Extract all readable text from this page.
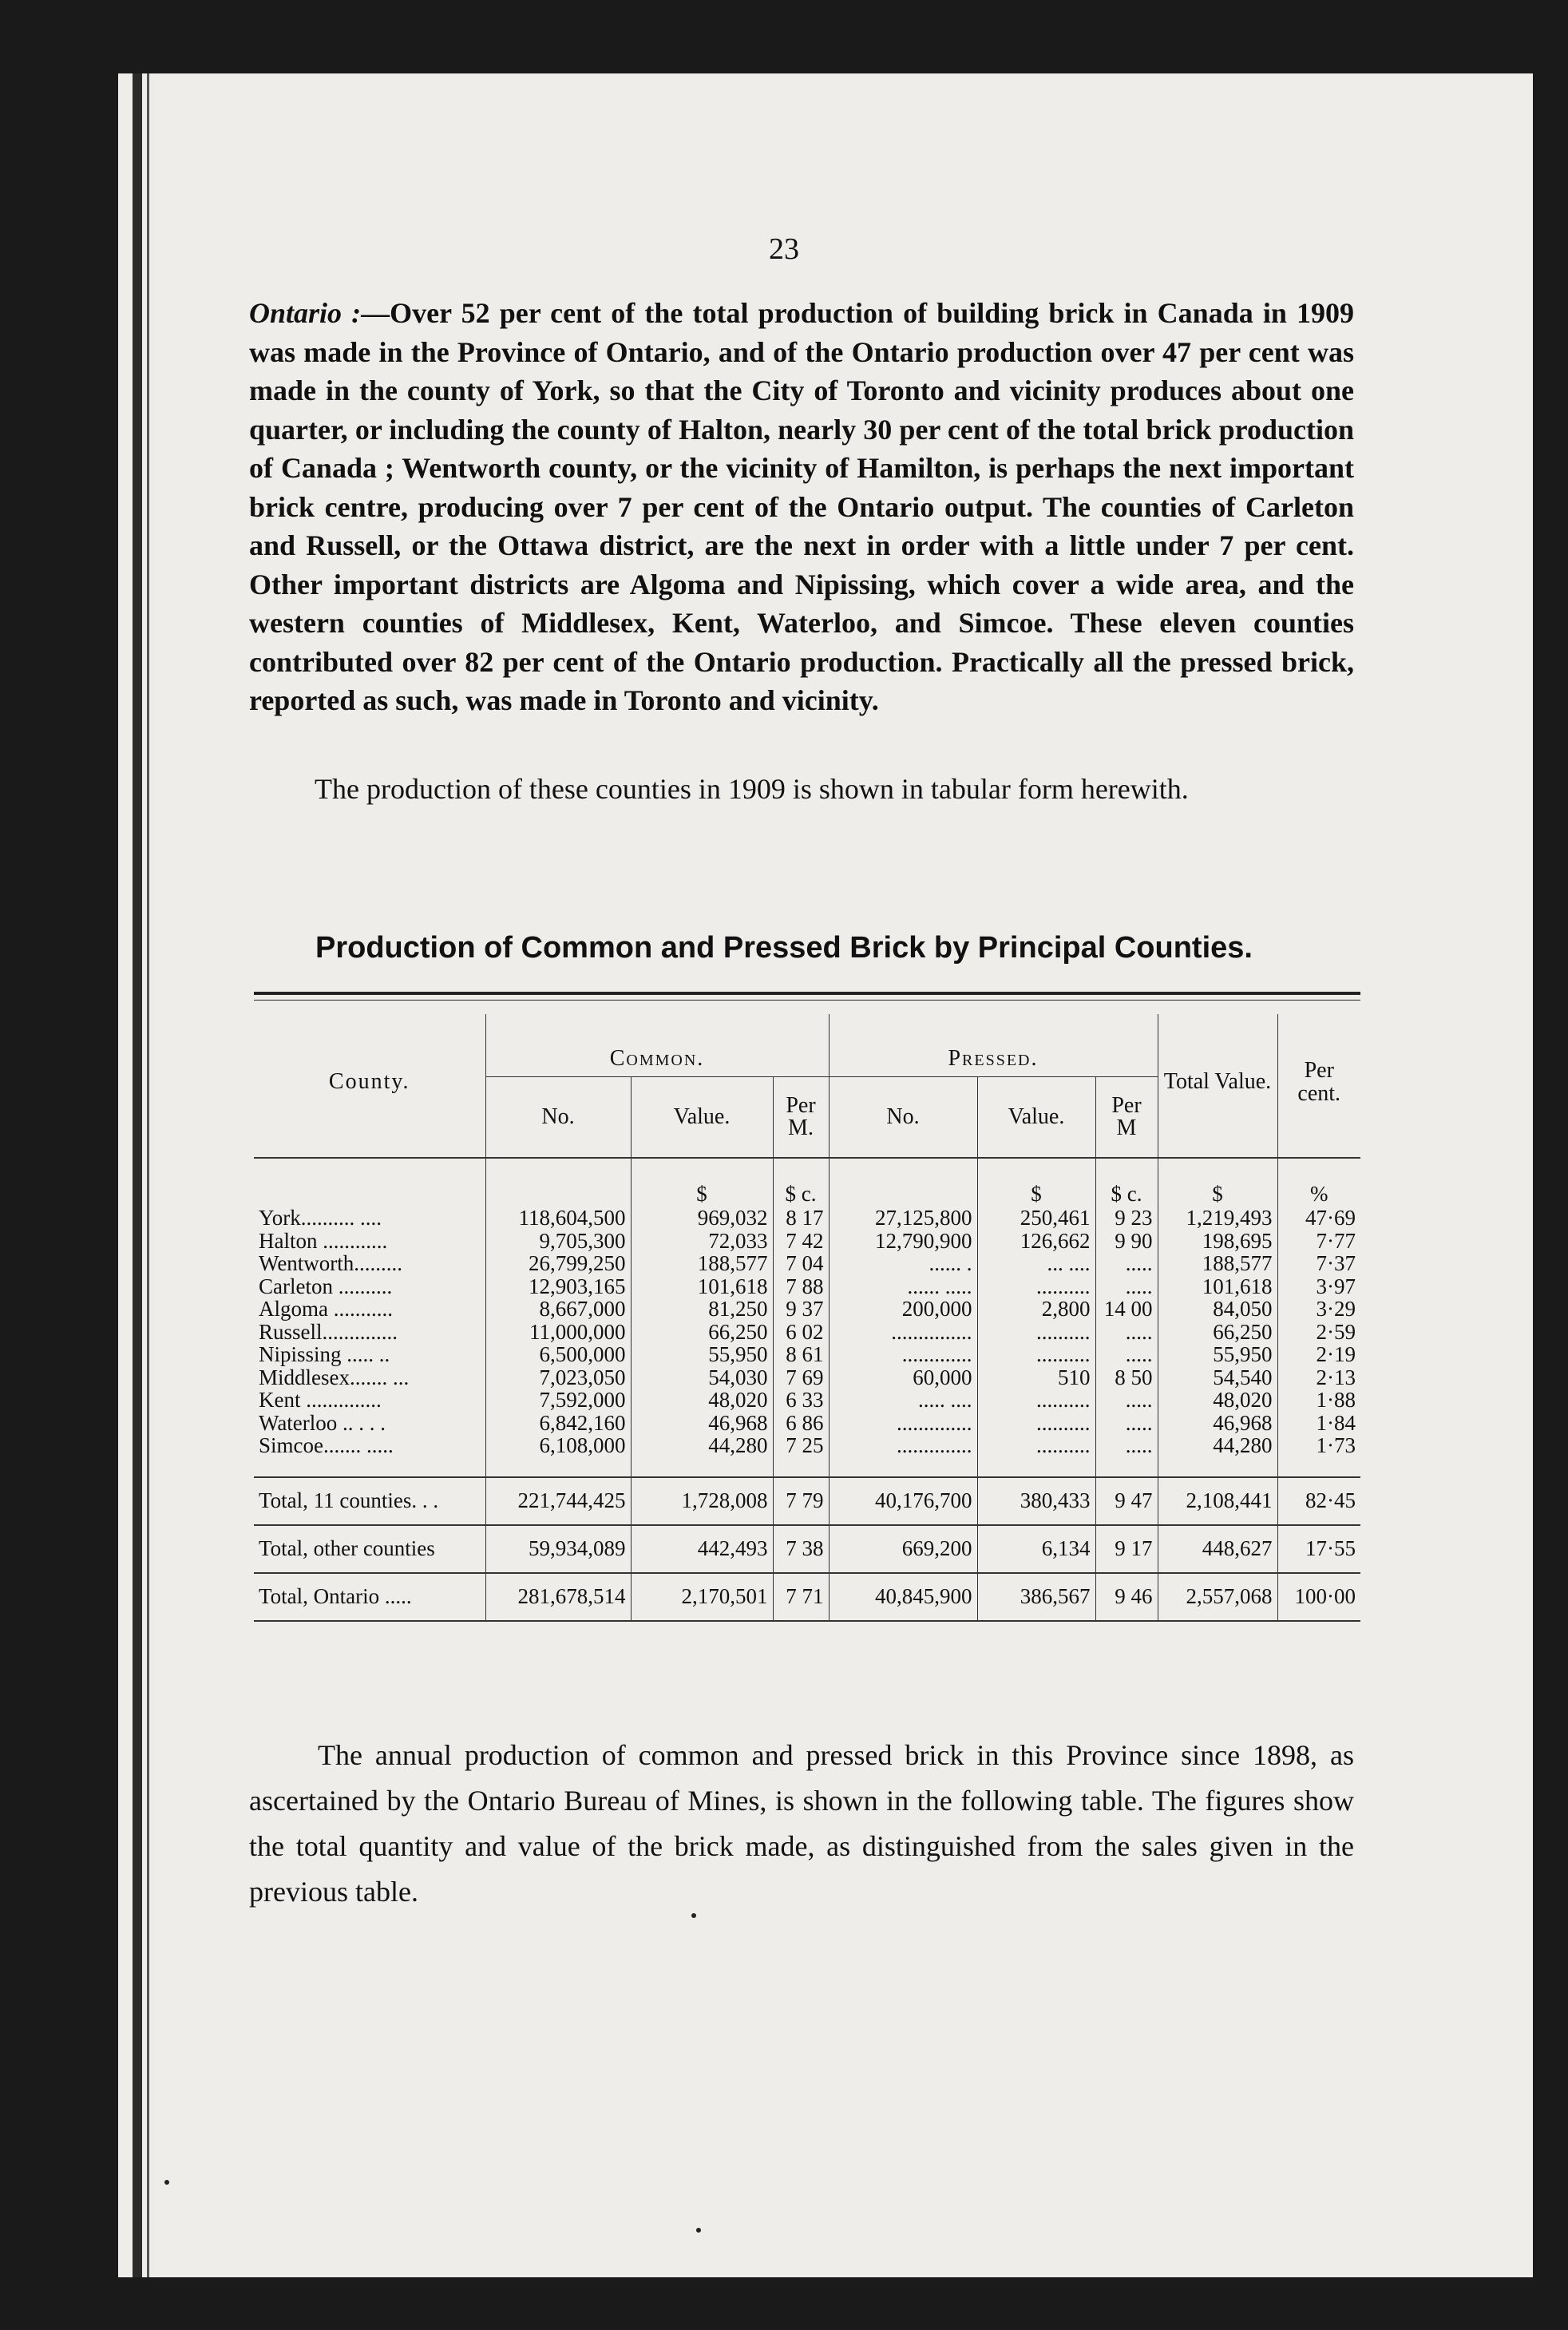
23
Ontario :—Over 52 per cent of the total production of building brick in Canada in 1909 was made in the Province of Ontario, and of the Ontario production over 47 per cent was made in the county of York, so that the City of Toronto and vicinity produces about one quarter, or including the county of Halton, nearly 30 per cent of the total brick production of Canada ; Wentworth county, or the vicinity of Hamilton, is perhaps the next important brick centre, producing over 7 per cent of the Ontario output. The counties of Carleton and Russell, or the Ottawa district, are the next in order with a little under 7 per cent. Other important districts are Algoma and Nipissing, which cover a wide area, and the western counties of Middlesex, Kent, Waterloo, and Simcoe. These eleven counties contributed over 82 per cent of the Ontario production. Practically all the pressed brick, reported as such, was made in Toronto and vicinity.
The production of these counties in 1909 is shown in tabular form herewith.
Production of Common and Pressed Brick by Principal Counties.
County.	Common.			Pressed.			Total Value.	Per cent.
	No.	Value.	Per M.	No.	Value.	Per M		
		$	$ c.		$	$ c.	$	%
York.......... ....	118,604,500	969,032	8 17	27,125,800	250,461	9 23	1,219,493	47·69
Halton ............	9,705,300	72,033	7 42	12,790,900	126,662	9 90	198,695	7·77
Wentworth.........	26,799,250	188,577	7 04	...... .	... ....	.....	188,577	7·37
Carleton ..........	12,903,165	101,618	7 88	...... .....	..........	.....	101,618	3·97
Algoma ...........	8,667,000	81,250	9 37	200,000	2,800	14 00	84,050	3·29
Russell..............	11,000,000	66,250	6 02	...............	..........	.....	66,250	2·59
Nipissing ..... ..	6,500,000	55,950	8 61	.............	..........	.....	55,950	2·19
Middlesex....... ...	7,023,050	54,030	7 69	60,000	510	8 50	54,540	2·13
Kent ..............	7,592,000	48,020	6 33	..... ....	..........	.....	48,020	1·88
Waterloo .. . . .	6,842,160	46,968	6 86	..............	..........	.....	46,968	1·84
Simcoe....... .....	6,108,000	44,280	7 25	..............	..........	.....	44,280	1·73

Total, 11 counties. . .	221,744,425	1,728,008	7 79	40,176,700	380,433	9 47	2,108,441	82·45
Total, other counties	59,934,089	442,493	7 38	669,200	6,134	9 17	448,627	17·55
Total, Ontario .....	281,678,514	2,170,501	7 71	40,845,900	386,567	9 46	2,557,068	100·00
The annual production of common and pressed brick in this Province since 1898, as ascertained by the Ontario Bureau of Mines, is shown in the following table. The figures show the total quantity and value of the brick made, as distinguished from the sales given in the previous table.
